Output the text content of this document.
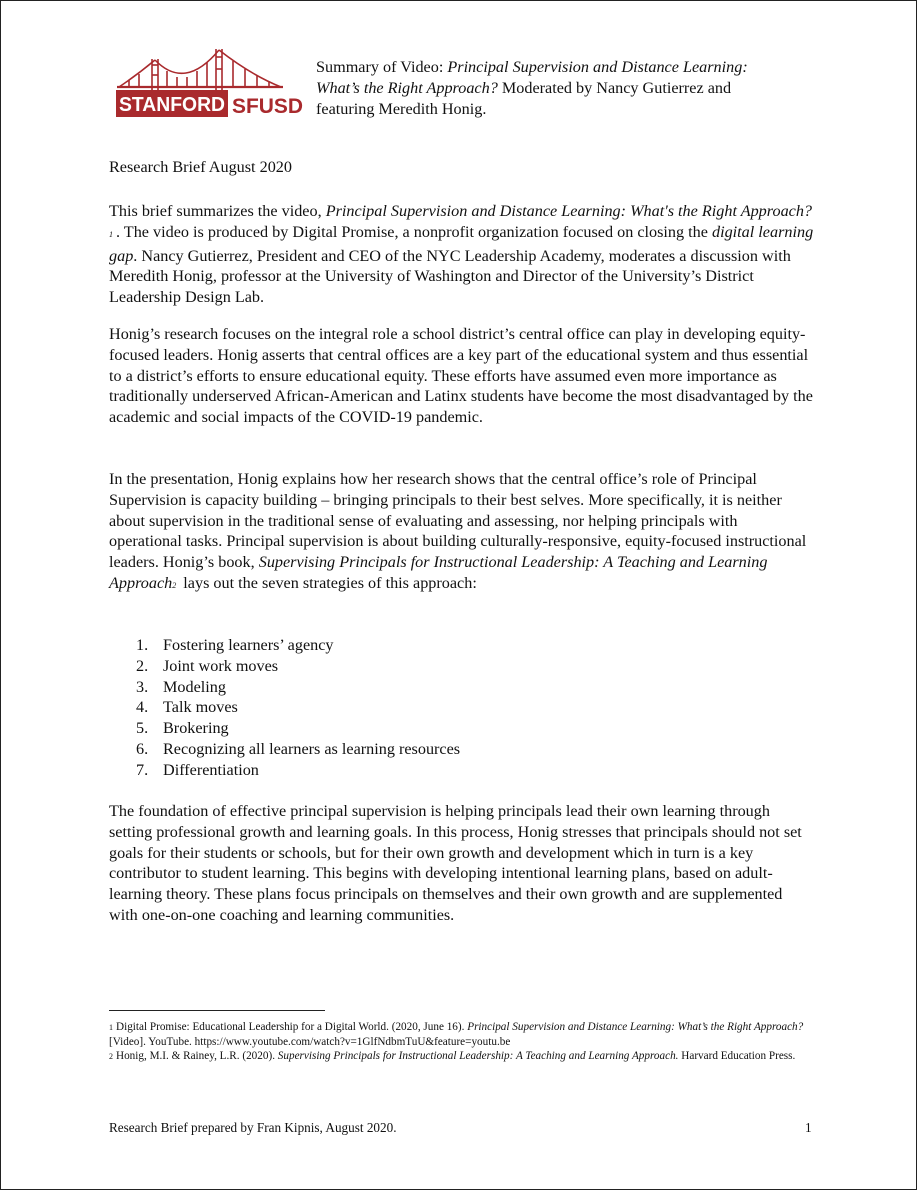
STANFORD SFUSD
Summary of Video: Principal Supervision and Distance Learning:
What’s the Right Approach? Moderated by Nancy Gutierrez and
featuring Meredith Honig.
Research Brief August 2020
This brief summarizes the video, Principal Supervision and Distance Learning: What's the Right Approach?1 . The video is produced by Digital Promise, a nonprofit organization focused on closing the digital learning gap. Nancy Gutierrez, President and CEO of the NYC Leadership Academy, moderates a discussion with Meredith Honig, professor at the University of Washington and Director of the University’s District Leadership Design Lab.
Honig’s research focuses on the integral role a school district’s central office can play in developing equity-focused leaders. Honig asserts that central offices are a key part of the educational system and thus essential to a district’s efforts to ensure educational equity. These efforts have assumed even more importance as traditionally underserved African-American and Latinx students have become the most disadvantaged by the academic and social impacts of the COVID-19 pandemic.
In the presentation, Honig explains how her research shows that the central office’s role of Principal Supervision is capacity building – bringing principals to their best selves. More specifically, it is neither about supervision in the traditional sense of evaluating and assessing, nor helping principals with operational tasks. Principal supervision is about building culturally-responsive, equity-focused instructional leaders. Honig’s book, Supervising Principals for Instructional Leadership: A Teaching and Learning Approach2 lays out the seven strategies of this approach:
1. Fostering learners’ agency
2. Joint work moves
3. Modeling
4. Talk moves
5. Brokering
6. Recognizing all learners as learning resources
7. Differentiation
The foundation of effective principal supervision is helping principals lead their own learning through setting professional growth and learning goals. In this process, Honig stresses that principals should not set goals for their students or schools, but for their own growth and development which in turn is a key contributor to student learning. This begins with developing intentional learning plans, based on adult-learning theory. These plans focus principals on themselves and their own growth and are supplemented with one-on-one coaching and learning communities.
1 Digital Promise: Educational Leadership for a Digital World. (2020, June 16). Principal Supervision and Distance Learning: What’s the Right Approach? [Video]. YouTube. https://www.youtube.com/watch?v=1GlfNdbmTuU&feature=youtu.be
2 Honig, M.I. & Rainey, L.R. (2020). Supervising Principals for Instructional Leadership: A Teaching and Learning Approach. Harvard Education Press.
Research Brief prepared by Fran Kipnis, August 2020.	1
